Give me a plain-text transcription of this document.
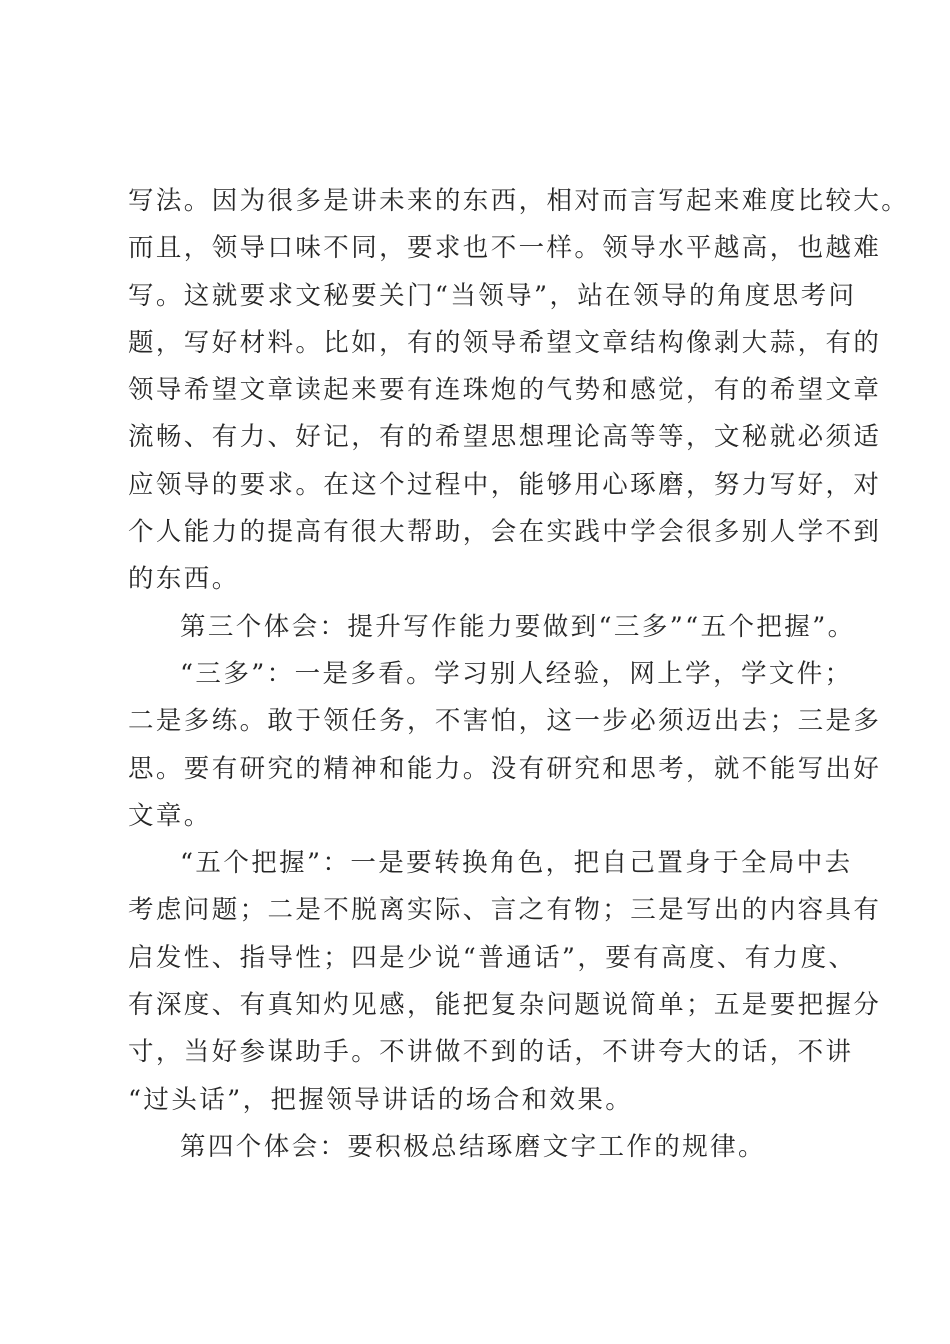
写法。因为很多是讲未来的东西，相对而言写起来难度比较大。
而且，领导口味不同，要求也不一样。领导水平越高，也越难
写。这就要求文秘要关门“当领导”，站在领导的角度思考问
题，写好材料。比如，有的领导希望文章结构像剥大蒜，有的
领导希望文章读起来要有连珠炮的气势和感觉，有的希望文章
流畅、有力、好记，有的希望思想理论高等等，文秘就必须适
应领导的要求。在这个过程中，能够用心琢磨，努力写好，对
个人能力的提高有很大帮助，会在实践中学会很多别人学不到
的东西。
第三个体会：提升写作能力要做到“三多”“五个把握”。
“三多”：一是多看。学习别人经验，网上学，学文件；
二是多练。敢于领任务，不害怕，这一步必须迈出去；三是多
思。要有研究的精神和能力。没有研究和思考，就不能写出好
文章。
“五个把握”：一是要转换角色，把自己置身于全局中去
考虑问题；二是不脱离实际、言之有物；三是写出的内容具有
启发性、指导性；四是少说“普通话”，要有高度、有力度、
有深度、有真知灼见感，能把复杂问题说简单；五是要把握分
寸，当好参谋助手。不讲做不到的话，不讲夸大的话，不讲
“过头话”，把握领导讲话的场合和效果。
第四个体会：要积极总结琢磨文字工作的规律。
